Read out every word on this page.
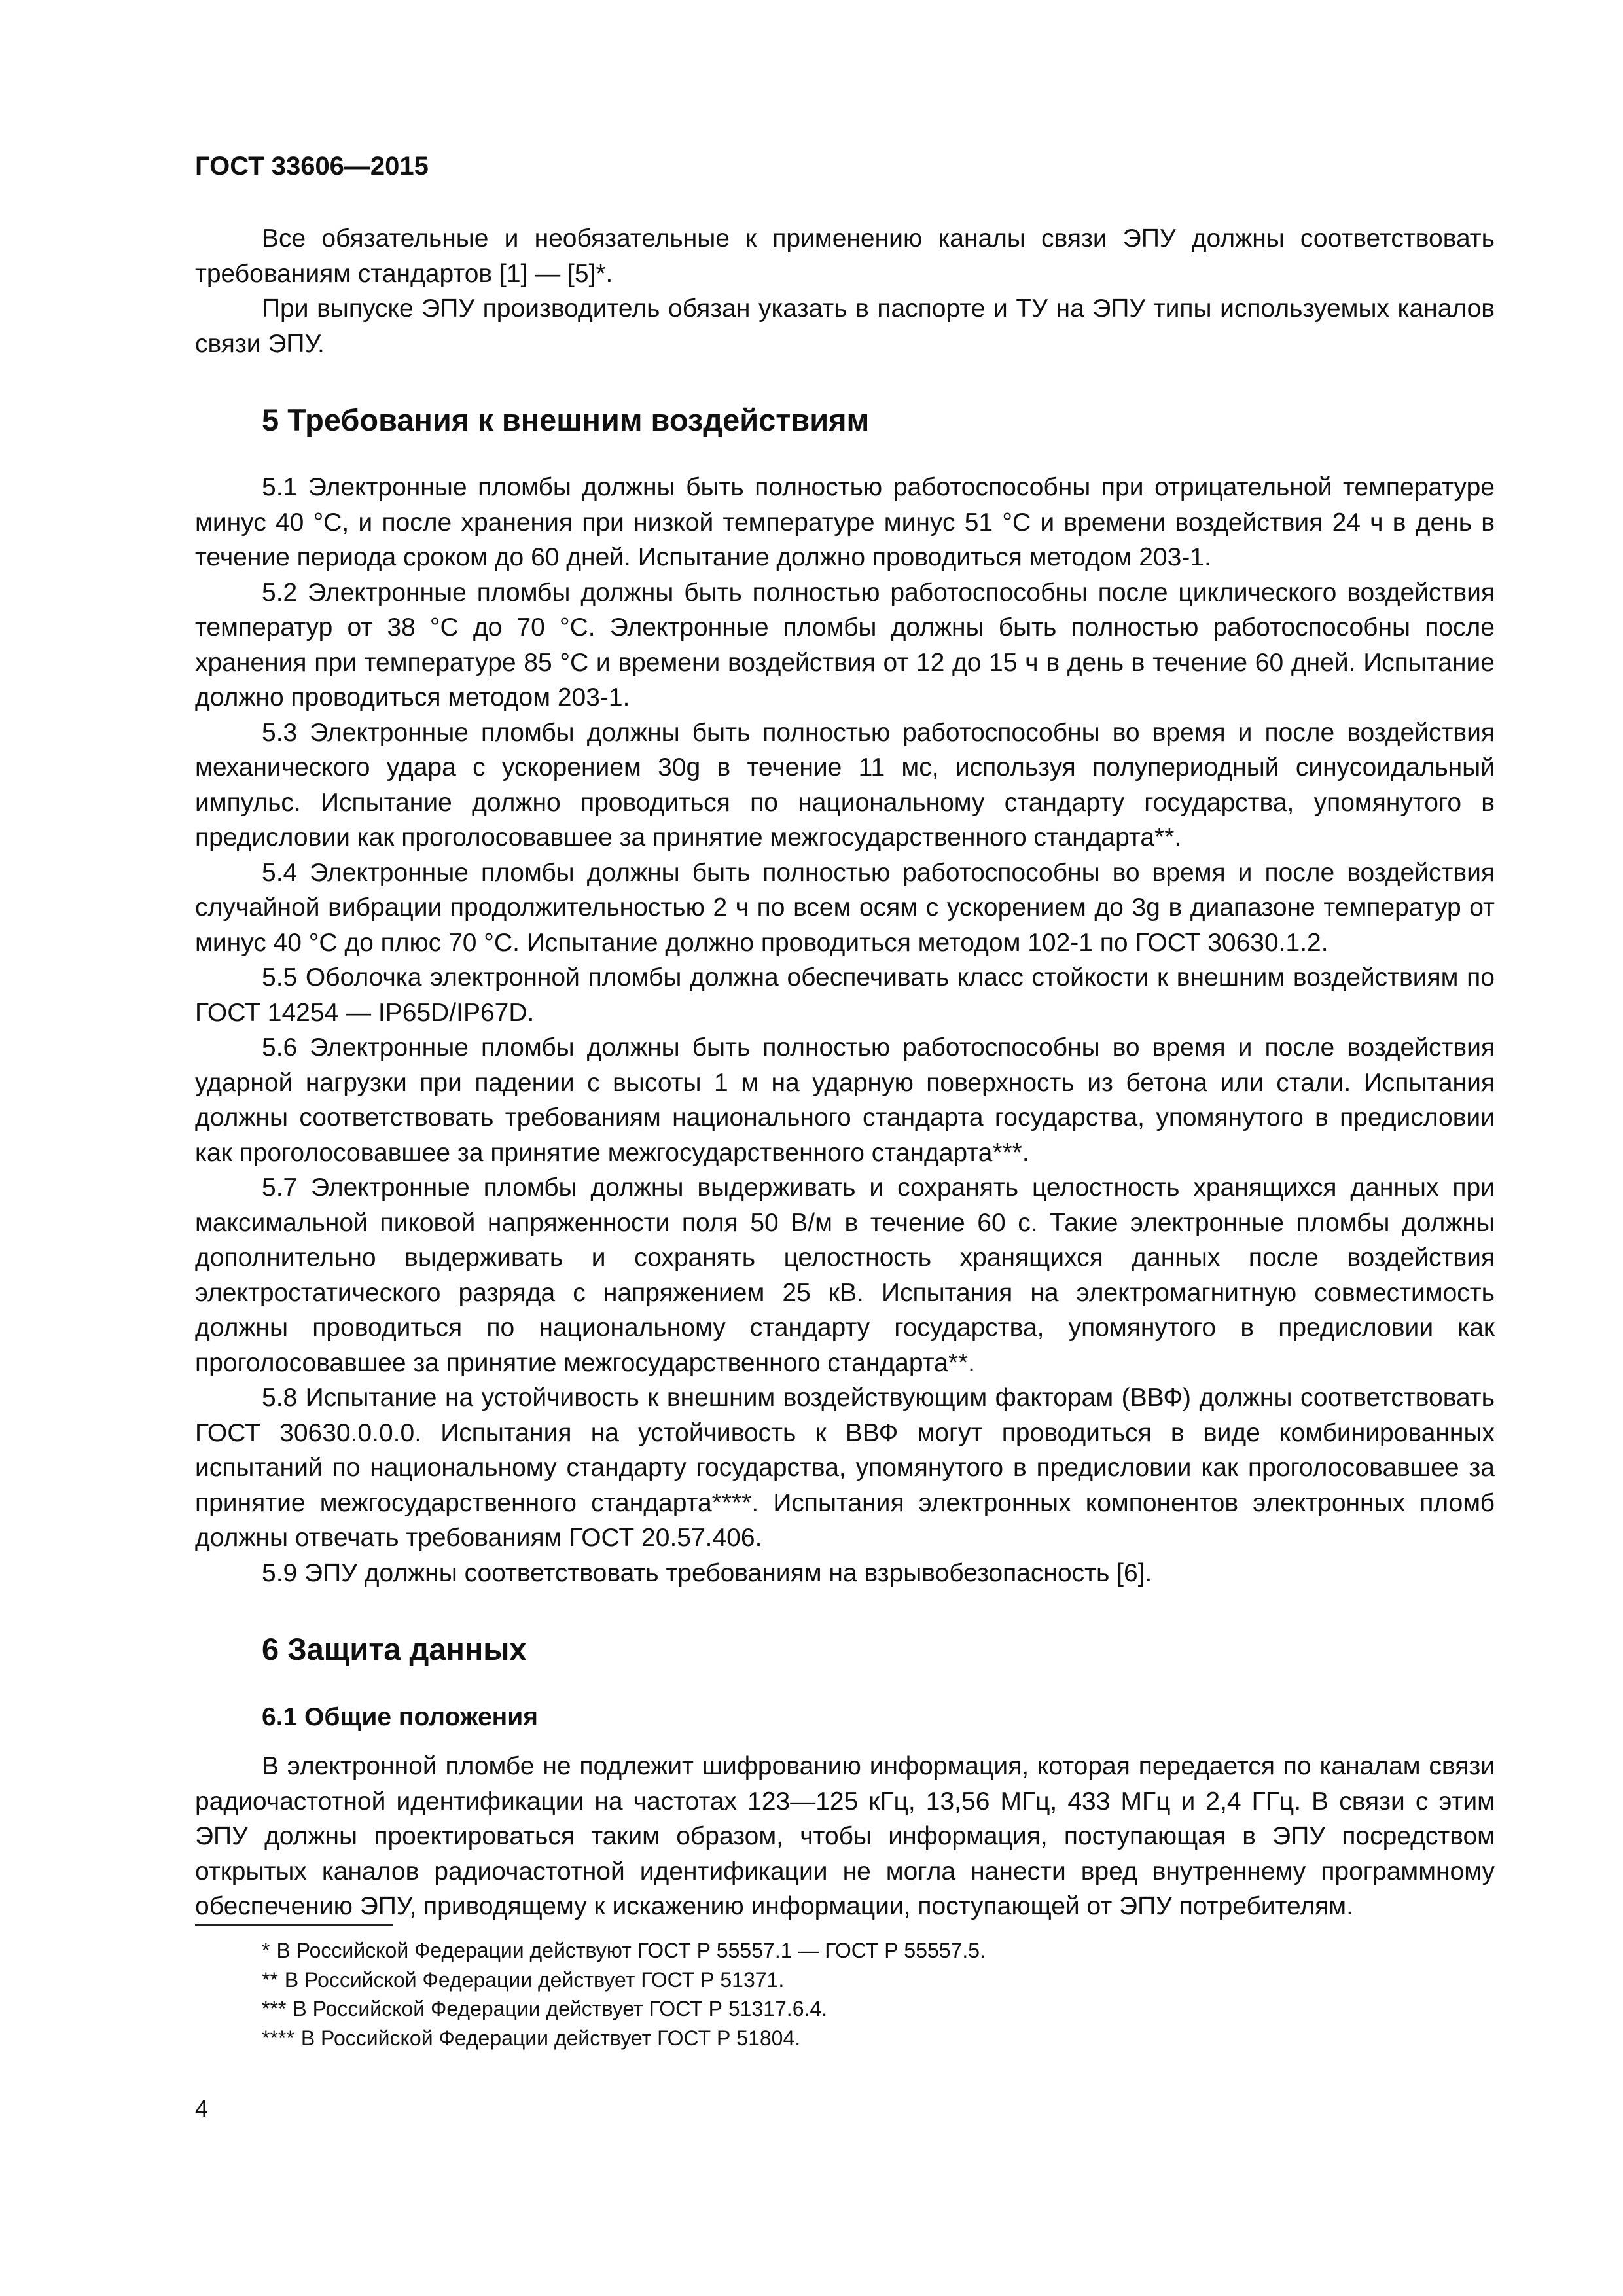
ГОСТ 33606—2015

Все обязательные и необязательные к применению каналы связи ЭПУ должны соответствовать требованиям стандартов [1] — [5]*.

При выпуске ЭПУ производитель обязан указать в паспорте и ТУ на ЭПУ типы используемых каналов связи ЭПУ.

5 Требования к внешним воздействиям

5.1 Электронные пломбы должны быть полностью работоспособны при отрицательной температуре минус 40 °С, и после хранения при низкой температуре минус 51 °С и времени воздействия 24 ч в день в течение периода сроком до 60 дней. Испытание должно проводиться методом 203-1.

5.2 Электронные пломбы должны быть полностью работоспособны после циклического воздействия температур от 38 °С до 70 °С. Электронные пломбы должны быть полностью работоспособны после хранения при температуре 85 °С и времени воздействия от 12 до 15 ч в день в течение 60 дней. Испытание должно проводиться методом 203-1.

5.3 Электронные пломбы должны быть полностью работоспособны во время и после воздействия механического удара с ускорением 30g в течение 11 мс, используя полупериодный синусоидальный импульс. Испытание должно проводиться по национальному стандарту государства, упомянутого в предисловии как проголосовавшее за принятие межгосударственного стандарта**.

5.4 Электронные пломбы должны быть полностью работоспособны во время и после воздействия случайной вибрации продолжительностью 2 ч по всем осям с ускорением до 3g в диапазоне температур от минус 40 °С до плюс 70 °С. Испытание должно проводиться методом 102-1 по ГОСТ 30630.1.2.

5.5 Оболочка электронной пломбы должна обеспечивать класс стойкости к внешним воздействиям по ГОСТ 14254 — IP65D/IP67D.

5.6 Электронные пломбы должны быть полностью работоспособны во время и после воздействия ударной нагрузки при падении с высоты 1 м на ударную поверхность из бетона или стали. Испытания должны соответствовать требованиям национального стандарта государства, упомянутого в предисловии как проголосовавшее за принятие межгосударственного стандарта***.

5.7 Электронные пломбы должны выдерживать и сохранять целостность хранящихся данных при максимальной пиковой напряженности поля 50 В/м в течение 60 с. Такие электронные пломбы должны дополнительно выдерживать и сохранять целостность хранящихся данных после воздействия электростатического разряда с напряжением 25 кВ. Испытания на электромагнитную совместимость должны проводиться по национальному стандарту государства, упомянутого в предисловии как проголосовавшее за принятие межгосударственного стандарта**.

5.8 Испытание на устойчивость к внешним воздействующим факторам (ВВФ) должны соответствовать ГОСТ 30630.0.0.0. Испытания на устойчивость к ВВФ могут проводиться в виде комбинированных испытаний по национальному стандарту государства, упомянутого в предисловии как проголосовавшее за принятие межгосударственного стандарта****. Испытания электронных компонентов электронных пломб должны отвечать требованиям ГОСТ 20.57.406.

5.9 ЭПУ должны соответствовать требованиям на взрывобезопасность [6].

6 Защита данных
6.1 Общие положения

В электронной пломбе не подлежит шифрованию информация, которая передается по каналам связи радиочастотной идентификации на частотах 123—125 кГц, 13,56 МГц, 433 МГц и 2,4 ГГц. В связи с этим ЭПУ должны проектироваться таким образом, чтобы информация, поступающая в ЭПУ посредством открытых каналов радиочастотной идентификации не могла нанести вред внутреннему программному обеспечению ЭПУ, приводящему к искажению информации, поступающей от ЭПУ потребителям.

* В Российской Федерации действуют ГОСТ Р 55557.1 — ГОСТ Р 55557.5.
** В Российской Федерации действует ГОСТ Р 51371.
*** В Российской Федерации действует ГОСТ Р 51317.6.4.
**** В Российской Федерации действует ГОСТ Р 51804.
4
